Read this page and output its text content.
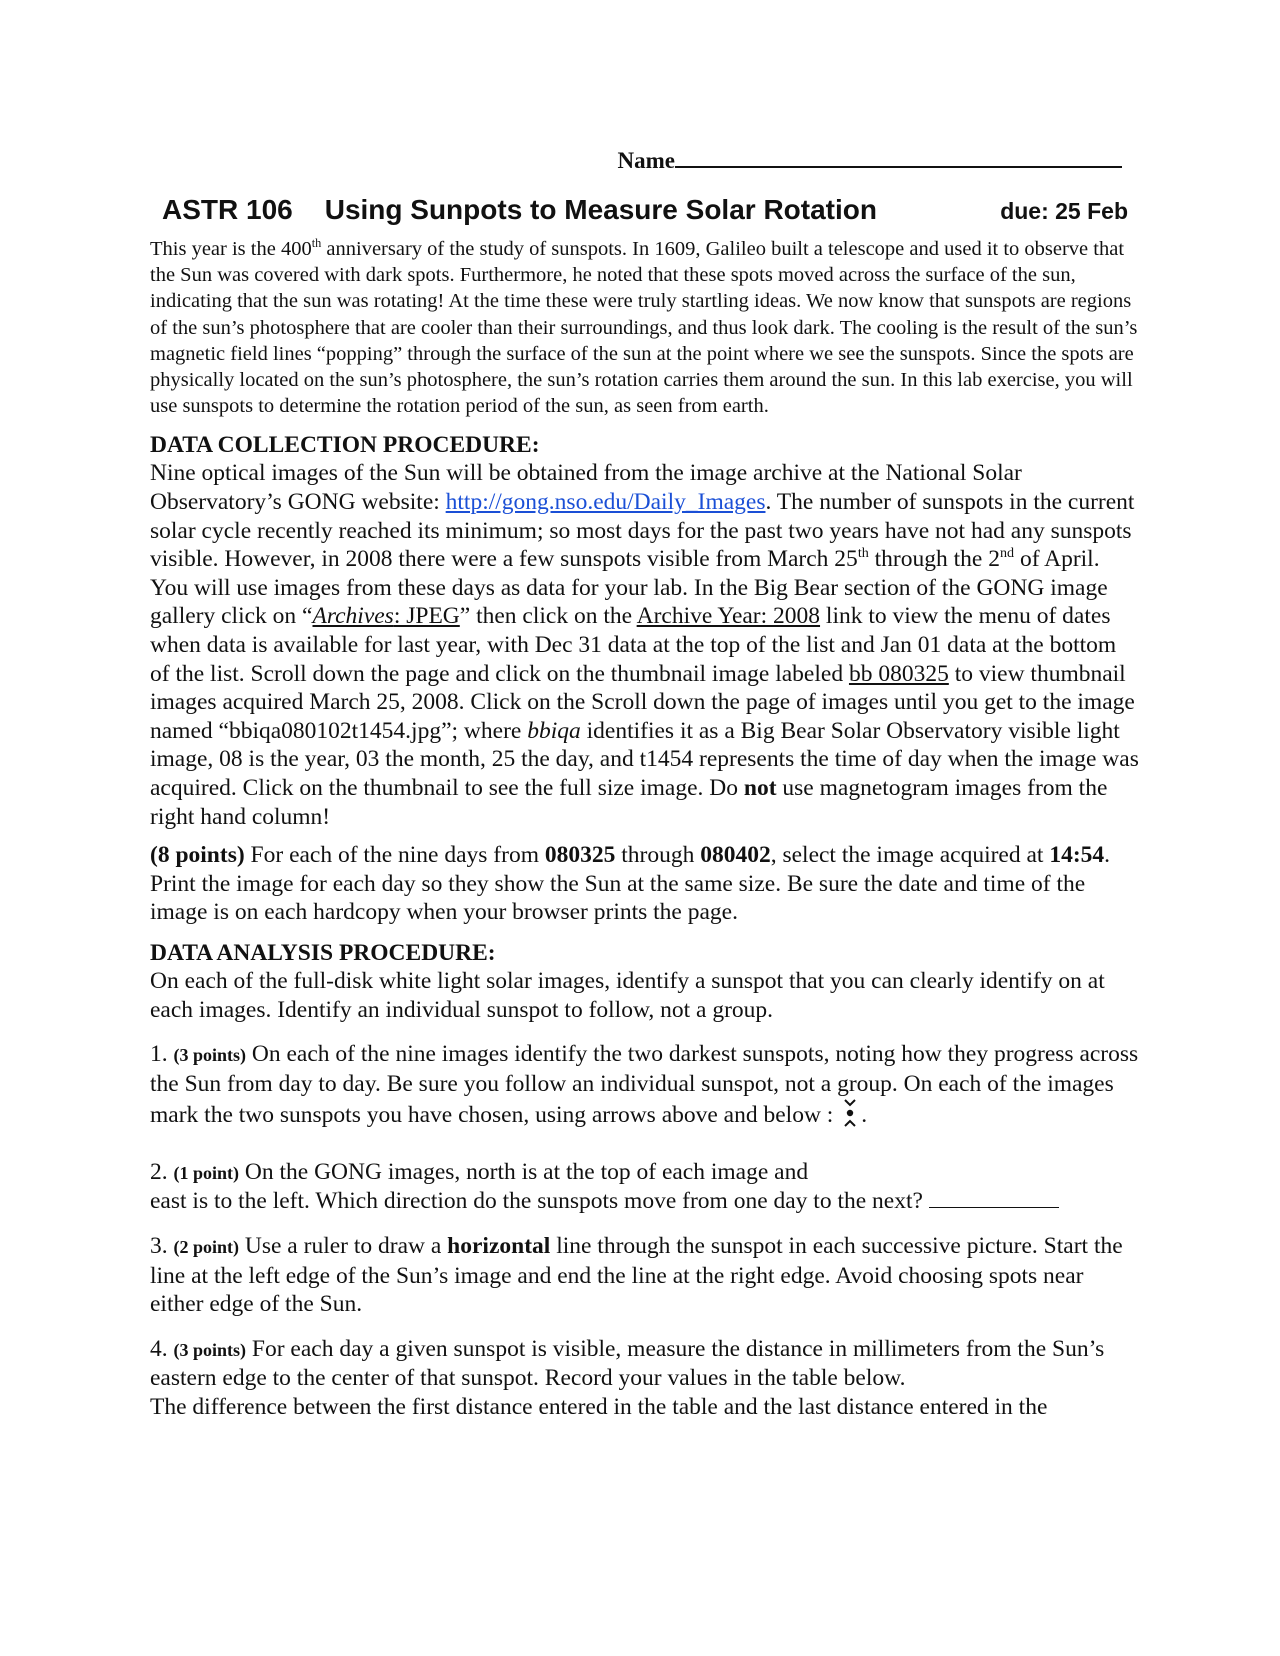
Name
ASTR 106 Using Sunpots to Measure Solar Rotation	due: 25 Feb

This year is the 400th anniversary of the study of sunspots. In 1609, Galileo built a telescope and used it to observe that the Sun was covered with dark spots. Furthermore, he noted that these spots moved across the surface of the sun, indicating that the sun was rotating! At the time these were truly startling ideas. We now know that sunspots are regions of the sun’s photosphere that are cooler than their surroundings, and thus look dark. The cooling is the result of the sun’s magnetic field lines “popping” through the surface of the sun at the point where we see the sunspots. Since the spots are physically located on the sun’s photosphere, the sun’s rotation carries them around the sun. In this lab exercise, you will use sunspots to determine the rotation period of the sun, as seen from earth.

DATA COLLECTION PROCEDURE:

Nine optical images of the Sun will be obtained from the image archive at the National Solar Observatory’s GONG website: http://gong.nso.edu/Daily_Images. The number of sunspots in the current solar cycle recently reached its minimum; so most days for the past two years have not had any sunspots visible. However, in 2008 there were a few sunspots visible from March 25th through the 2nd of April. You will use images from these days as data for your lab. In the Big Bear section of the GONG image gallery click on “Archives: JPEG” then click on the Archive Year: 2008 link to view the menu of dates when data is available for last year, with Dec 31 data at the top of the list and Jan 01 data at the bottom of the list. Scroll down the page and click on the thumbnail image labeled bb 080325 to view thumbnail images acquired March 25, 2008. Click on the Scroll down the page of images until you get to the image named “bbiqa080102t1454.jpg”; where bbiqa identifies it as a Big Bear Solar Observatory visible light image, 08 is the year, 03 the month, 25 the day, and t1454 represents the time of day when the image was acquired. Click on the thumbnail to see the full size image. Do not use magnetogram images from the right hand column!

(8 points) For each of the nine days from 080325 through 080402, select the image acquired at 14:54. Print the image for each day so they show the Sun at the same size. Be sure the date and time of the image is on each hardcopy when your browser prints the page.

DATA ANALYSIS PROCEDURE:

On each of the full-disk white light solar images, identify a sunspot that you can clearly identify on at each images. Identify an individual sunspot to follow, not a group.

1. (3 points) On each of the nine images identify the two darkest sunspots, noting how they progress across the Sun from day to day. Be sure you follow an individual sunspot, not a group. On each of the images mark the two sunspots you have chosen, using arrows above and below : .

2. (1 point) On the GONG images, north is at the top of each image and
east is to the left. Which direction do the sunspots move from one day to the next?

3. (2 point) Use a ruler to draw a horizontal line through the sunspot in each successive picture. Start the line at the left edge of the Sun’s image and end the line at the right edge. Avoid choosing spots near either edge of the Sun.

4. (3 points) For each day a given sunspot is visible, measure the distance in millimeters from the Sun’s eastern edge to the center of that sunspot. Record your values in the table below.
The difference between the first distance entered in the table and the last distance entered in the
